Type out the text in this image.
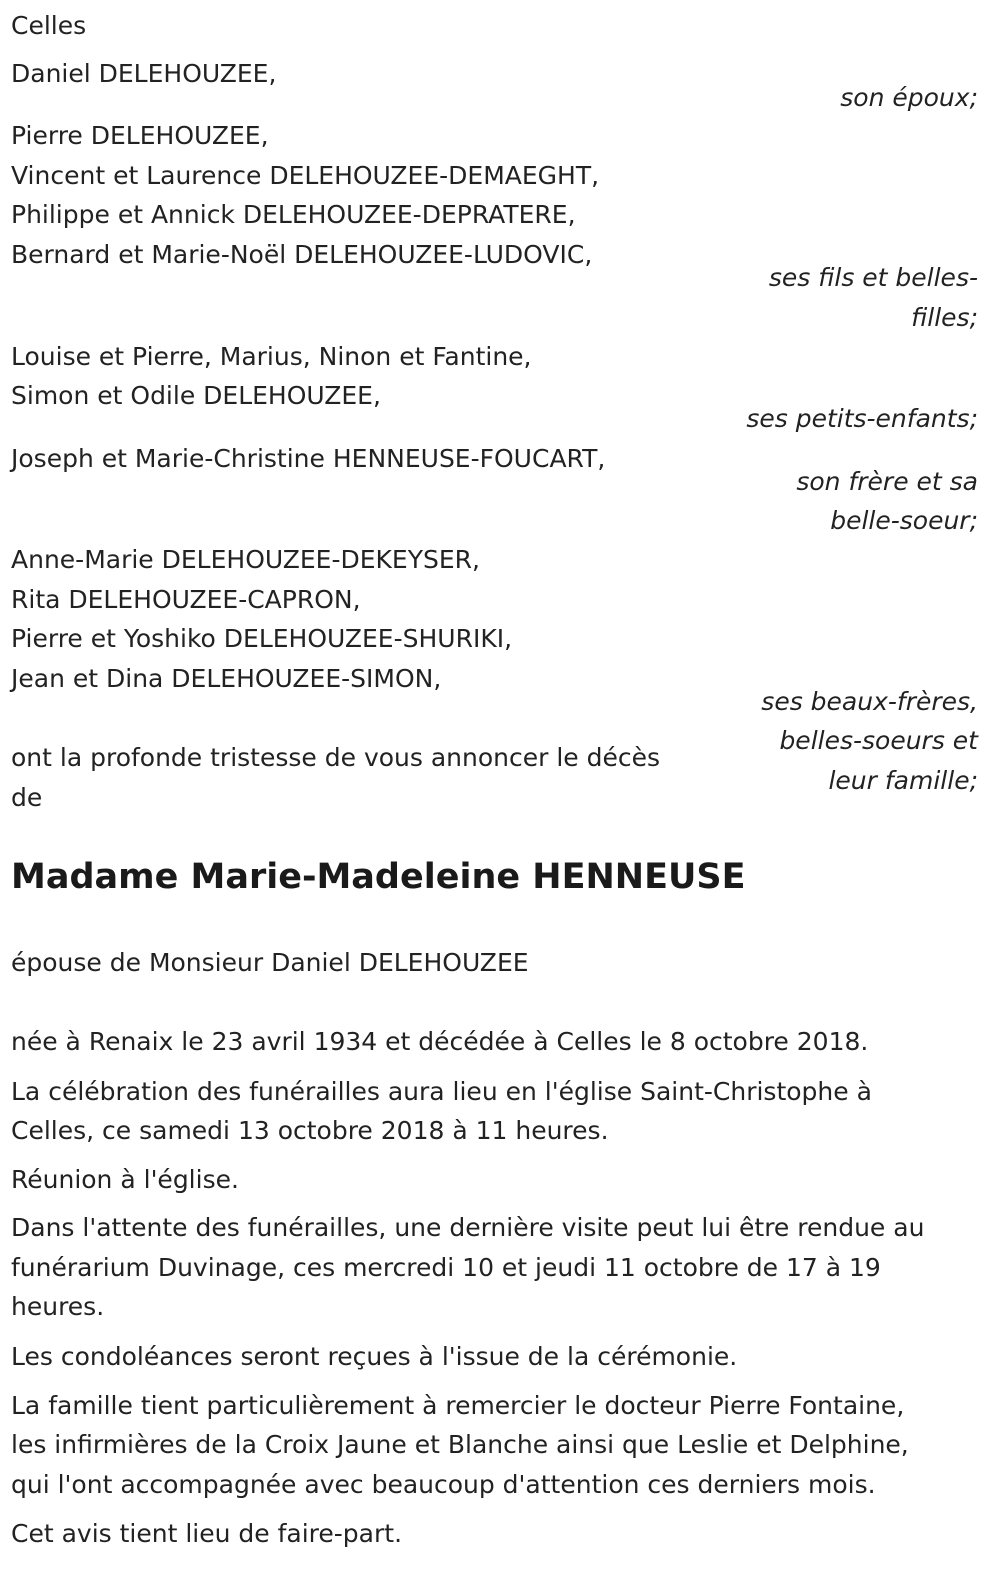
Celles
Daniel DELEHOUZEE,
son époux;
Pierre DELEHOUZEE,
Vincent et Laurence DELEHOUZEE-DEMAEGHT,
Philippe et Annick DELEHOUZEE-DEPRATERE,
Bernard et Marie-Noël DELEHOUZEE-LUDOVIC,
ses fils et belles-
filles;
Louise et Pierre, Marius, Ninon et Fantine,
Simon et Odile DELEHOUZEE,
ses petits-enfants;
Joseph et Marie-Christine HENNEUSE-FOUCART,
son frère et sa
belle-soeur;
Anne-Marie DELEHOUZEE-DEKEYSER,
Rita DELEHOUZEE-CAPRON,
Pierre et Yoshiko DELEHOUZEE-SHURIKI,
Jean et Dina DELEHOUZEE-SIMON,
ses beaux-frères,
belles-soeurs et
leur famille;
ont la profonde tristesse de vous annoncer le décès
de
Madame Marie-Madeleine HENNEUSE
épouse de Monsieur Daniel DELEHOUZEE
née à Renaix le 23 avril 1934 et décédée à Celles le 8 octobre 2018.
La célébration des funérailles aura lieu en l'église Saint-Christophe à
Celles, ce samedi 13 octobre 2018 à 11 heures.
Réunion à l'église.
Dans l'attente des funérailles, une dernière visite peut lui être rendue au
funérarium Duvinage, ces mercredi 10 et jeudi 11 octobre de 17 à 19
heures.
Les condoléances seront reçues à l'issue de la cérémonie.
La famille tient particulièrement à remercier le docteur Pierre Fontaine,
les infirmières de la Croix Jaune et Blanche ainsi que Leslie et Delphine,
qui l'ont accompagnée avec beaucoup d'attention ces derniers mois.
Cet avis tient lieu de faire-part.
